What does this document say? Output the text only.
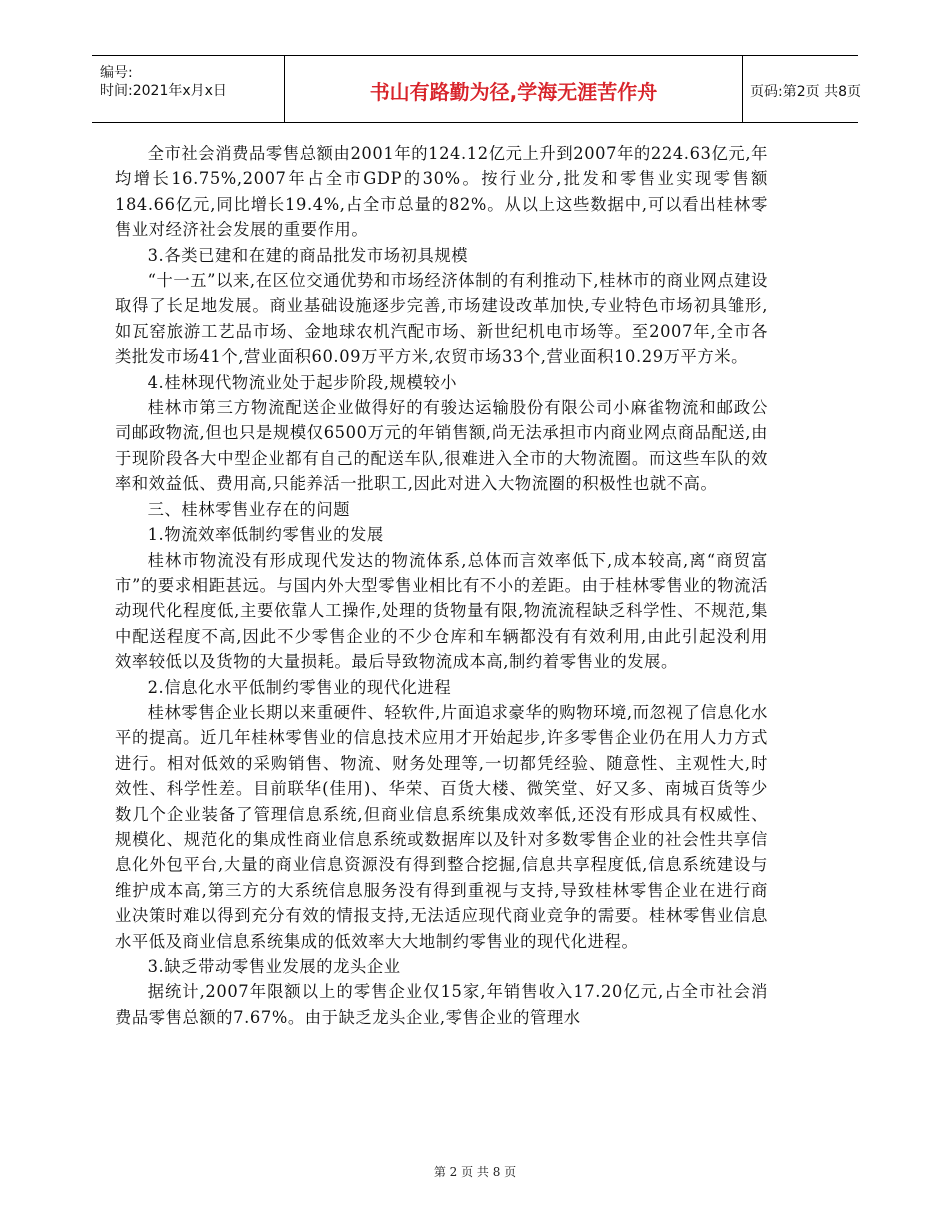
编号:
时间:2021年x月x日	书山有路勤为径,学海无涯苦作舟	页码:第2页 共8页

全市社会消费品零售总额由2001年的124.12亿元上升到2007年的224.63亿元,年均增长16.75%,2007年占全市GDP的30%。按行业分,批发和零售业实现零售额184.66亿元,同比增长19.4%,占全市总量的82%。从以上这些数据中,可以看出桂林零售业对经济社会发展的重要作用。

3.各类已建和在建的商品批发市场初具规模

“十一五”以来,在区位交通优势和市场经济体制的有利推动下,桂林市的商业网点建设取得了长足地发展。商业基础设施逐步完善,市场建设改革加快,专业特色市场初具雏形,如瓦窑旅游工艺品市场、金地球农机汽配市场、新世纪机电市场等。至2007年,全市各类批发市场41个,营业面积60.09万平方米,农贸市场33个,营业面积10.29万平方米。

4.桂林现代物流业处于起步阶段,规模较小

桂林市第三方物流配送企业做得好的有骏达运输股份有限公司小麻雀物流和邮政公司邮政物流,但也只是规模仅6500万元的年销售额,尚无法承担市内商业网点商品配送,由于现阶段各大中型企业都有自己的配送车队,很难进入全市的大物流圈。而这些车队的效率和效益低、费用高,只能养活一批职工,因此对进入大物流圈的积极性也就不高。

三、桂林零售业存在的问题

1.物流效率低制约零售业的发展

桂林市物流没有形成现代发达的物流体系,总体而言效率低下,成本较高,离“商贸富市”的要求相距甚远。与国内外大型零售业相比有不小的差距。由于桂林零售业的物流活动现代化程度低,主要依靠人工操作,处理的货物量有限,物流流程缺乏科学性、不规范,集中配送程度不高,因此不少零售企业的不少仓库和车辆都没有有效利用,由此引起没利用效率较低以及货物的大量损耗。最后导致物流成本高,制约着零售业的发展。

2.信息化水平低制约零售业的现代化进程

桂林零售企业长期以来重硬件、轻软件,片面追求豪华的购物环境,而忽视了信息化水平的提高。近几年桂林零售业的信息技术应用才开始起步,许多零售企业仍在用人力方式进行。相对低效的采购销售、物流、财务处理等,一切都凭经验、随意性、主观性大,时效性、科学性差。目前联华(佳用)、华荣、百货大楼、微笑堂、好又多、南城百货等少数几个企业装备了管理信息系统,但商业信息系统集成效率低,还没有形成具有权威性、规模化、规范化的集成性商业信息系统或数据库以及针对多数零售企业的社会性共享信息化外包平台,大量的商业信息资源没有得到整合挖掘,信息共享程度低,信息系统建设与维护成本高,第三方的大系统信息服务没有得到重视与支持,导致桂林零售企业在进行商业决策时难以得到充分有效的情报支持,无法适应现代商业竞争的需要。桂林零售业信息水平低及商业信息系统集成的低效率大大地制约零售业的现代化进程。

3.缺乏带动零售业发展的龙头企业

据统计,2007年限额以上的零售企业仅15家,年销售收入17.20亿元,占全市社会消费品零售总额的7.67%。由于缺乏龙头企业,零售企业的管理水

第 2 页 共 8 页
